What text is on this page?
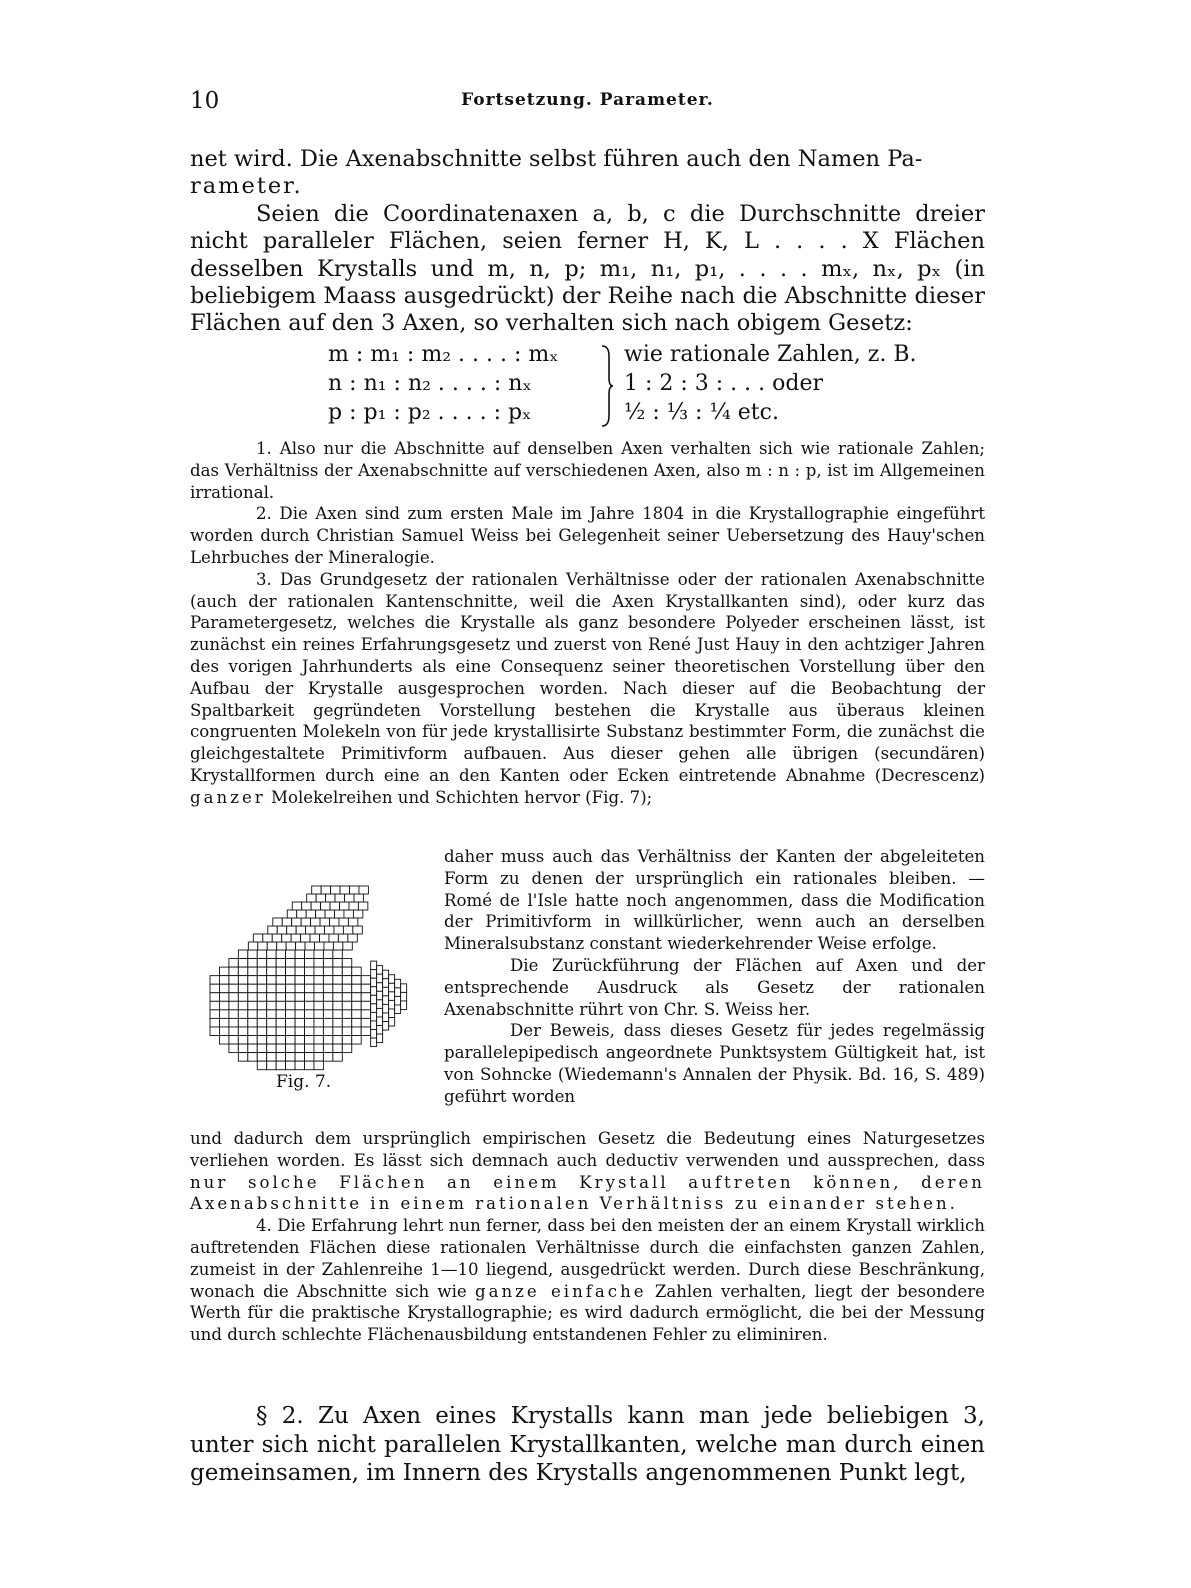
10	Fortsetzung. Parameter.

net wird. Die Axenabschnitte selbst führen auch den Namen Pa-

rameter.

Seien die Coordinatenaxen a, b, c die Durchschnitte dreier nicht paralleler Flächen, seien ferner H, K, L . . . . X Flächen desselben Krystalls und m, n, p; m₁, n₁, p₁, . . . . mₓ, nₓ, pₓ (in beliebigem Maass ausgedrückt) der Reihe nach die Abschnitte dieser Flächen auf den 3 Axen, so verhalten sich nach obigem Gesetz:

m : m₁ : m₂ . . . . : mₓ	wie rationale Zahlen, z. B.
n : n₁ : n₂ . . . . : nₓ	1 : 2 : 3 : . . . oder
p : p₁ : p₂ . . . . : pₓ	½ : ⅓ : ¼ etc.

1. Also nur die Abschnitte auf denselben Axen verhalten sich wie rationale Zahlen; das Verhältniss der Axenabschnitte auf verschiedenen Axen, also m : n : p, ist im Allgemeinen irrational.

2. Die Axen sind zum ersten Male im Jahre 1804 in die Krystallographie eingeführt worden durch Christian Samuel Weiss bei Gelegenheit seiner Uebersetzung des Hauy'schen Lehrbuches der Mineralogie.

3. Das Grundgesetz der rationalen Verhältnisse oder der rationalen Axenabschnitte (auch der rationalen Kantenschnitte, weil die Axen Krystallkanten sind), oder kurz das Parametergesetz, welches die Krystalle als ganz besondere Polyeder erscheinen lässt, ist zunächst ein reines Erfahrungsgesetz und zuerst von René Just Hauy in den achtziger Jahren des vorigen Jahrhunderts als eine Consequenz seiner theoretischen Vorstellung über den Aufbau der Krystalle ausgesprochen worden. Nach dieser auf die Beobachtung der Spaltbarkeit gegründeten Vorstellung bestehen die Krystalle aus überaus kleinen congruenten Molekeln von für jede krystallisirte Substanz bestimmter Form, die zunächst die gleichgestaltete Primitivform aufbauen. Aus dieser gehen alle übrigen (secundären) Krystallformen durch eine an den Kanten oder Ecken eintretende Abnahme (Decrescenz) ganzer Molekelreihen und Schichten hervor (Fig. 7);

daher muss auch das Verhältniss der Kanten der abgeleiteten Form zu denen der ursprünglich ein rationales bleiben. — Romé de l'Isle hatte noch angenommen, dass die Modification der Primitivform in willkürlicher, wenn auch an derselben Mineralsubstanz constant wiederkehrender Weise erfolge.

Die Zurückführung der Flächen auf Axen und der entsprechende Ausdruck als Gesetz der rationalen Axenabschnitte rührt von Chr. S. Weiss her.

Der Beweis, dass dieses Gesetz für jedes regelmässig parallelepipedisch angeordnete Punktsystem Gültigkeit hat, ist von Sohncke (Wiedemann's Annalen der Physik. Bd. 16, S. 489) geführt worden

Fig. 7.

und dadurch dem ursprünglich empirischen Gesetz die Bedeutung eines Naturgesetzes verliehen worden. Es lässt sich demnach auch deductiv verwenden und aussprechen, dass nur solche Flächen an einem Krystall auftreten können, deren Axenabschnitte in einem rationalen Verhältniss zu einander stehen.

4. Die Erfahrung lehrt nun ferner, dass bei den meisten der an einem Krystall wirklich auftretenden Flächen diese rationalen Verhältnisse durch die einfachsten ganzen Zahlen, zumeist in der Zahlenreihe 1—10 liegend, ausgedrückt werden. Durch diese Beschränkung, wonach die Abschnitte sich wie ganze einfache Zahlen verhalten, liegt der besondere Werth für die praktische Krystallographie; es wird dadurch ermöglicht, die bei der Messung und durch schlechte Flächenausbildung entstandenen Fehler zu eliminiren.

§ 2. Zu Axen eines Krystalls kann man jede beliebigen 3, unter sich nicht parallelen Krystallkanten, welche man durch einen gemeinsamen, im Innern des Krystalls angenommenen Punkt legt,
